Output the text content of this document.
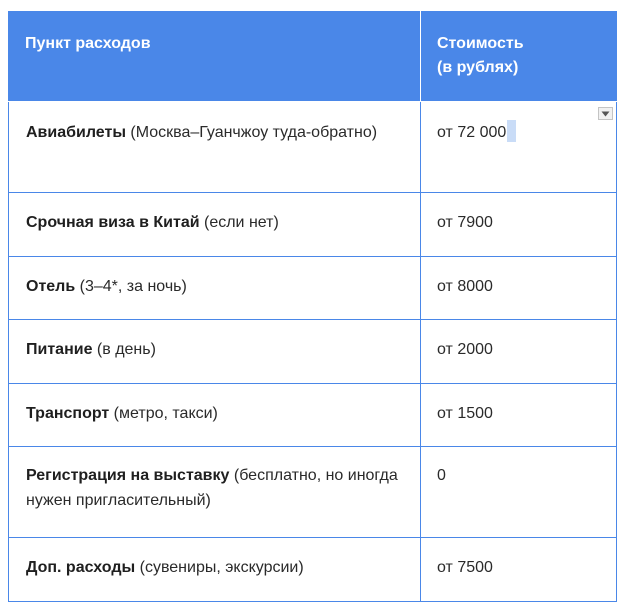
Пункт расходов	Стоимость
(в рублях)

Авиабилеты (Москва–Гуанчжоу туда-обратно)	от 72 000

Срочная виза в Китай (если нет)	от 7900

Отель (3–4*, за ночь)	от 8000

Питание (в день)	от 2000

Транспорт (метро, такси)	от 1500

Регистрация на выставку (бесплатно, но иногда нужен пригласительный)	0

Доп. расходы (сувениры, экскурсии)	от 7500
